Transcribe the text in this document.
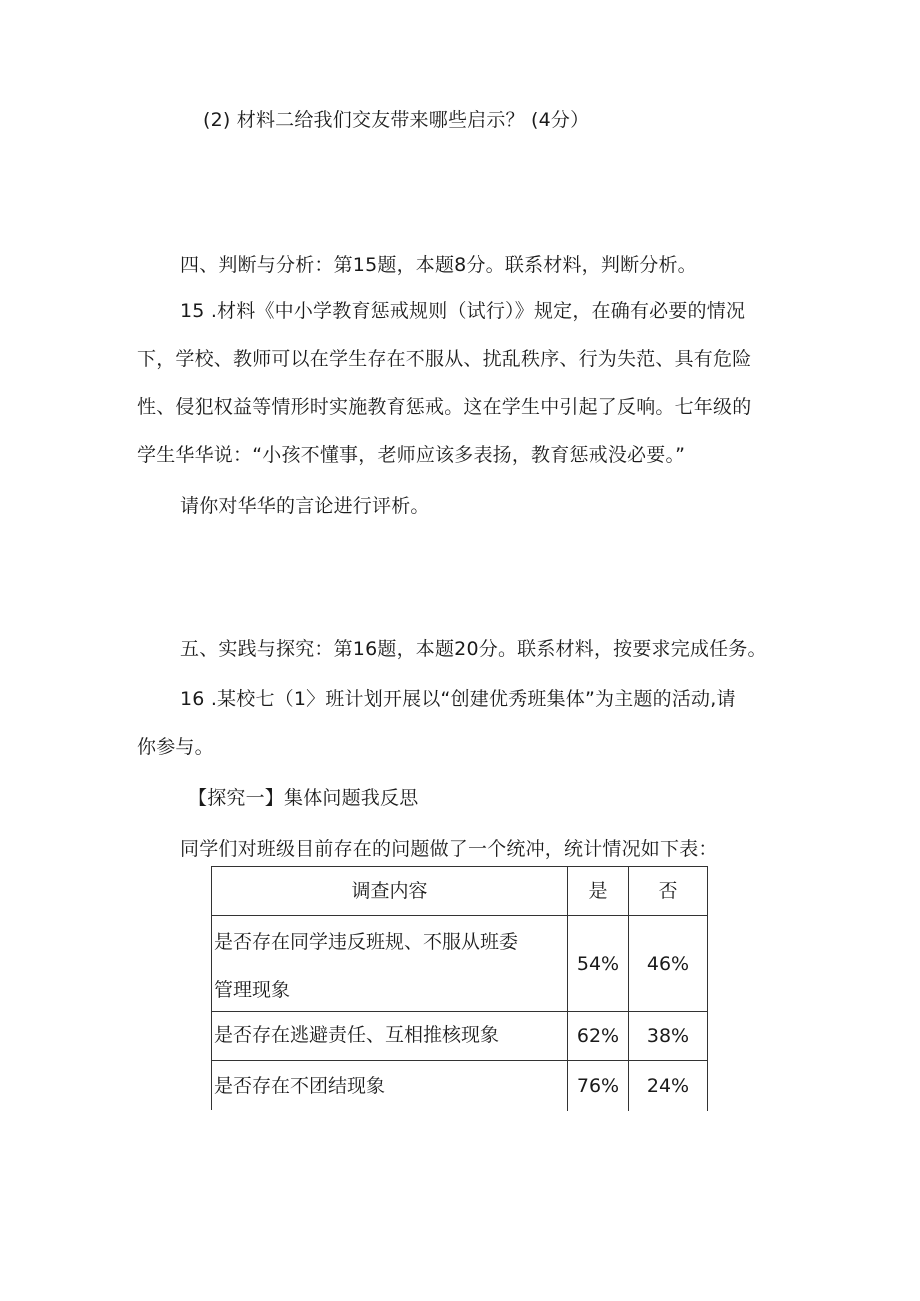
(2) 材料二给我们交友带来哪些启示？ (4分）
四、判断与分析：第15题，本题8分。联系材料，判断分析。
15 .材料《中小学教育惩戒规则（试行）》规定，在确有必要的情况
下，学校、教师可以在学生存在不服从、扰乱秩序、行为失范、具有危险
性、侵犯权益等情形时实施教育惩戒。这在学生中引起了反响。七年级的
学生华华说：“小孩不懂事，老师应该多表扬，教育惩戒没必要。”
请你对华华的言论进行评析。
五、实践与探究：第16题，本题20分。联系材料，按要求完成任务。
16 .某校七（1〉班计划开展以“创建优秀班集体”为主题的活动,请
你参与。
【探究一】集体问题我反思
同学们对班级目前存在的问题做了一个统冲，统计情况如下表：
调查内容	是	否
是否存在同学违反班规、不服从班委
管理现象
54%	46%
是否存在逃避责任、互相推核现象	62%	38%
是否存在不团结现象	76%	24%
